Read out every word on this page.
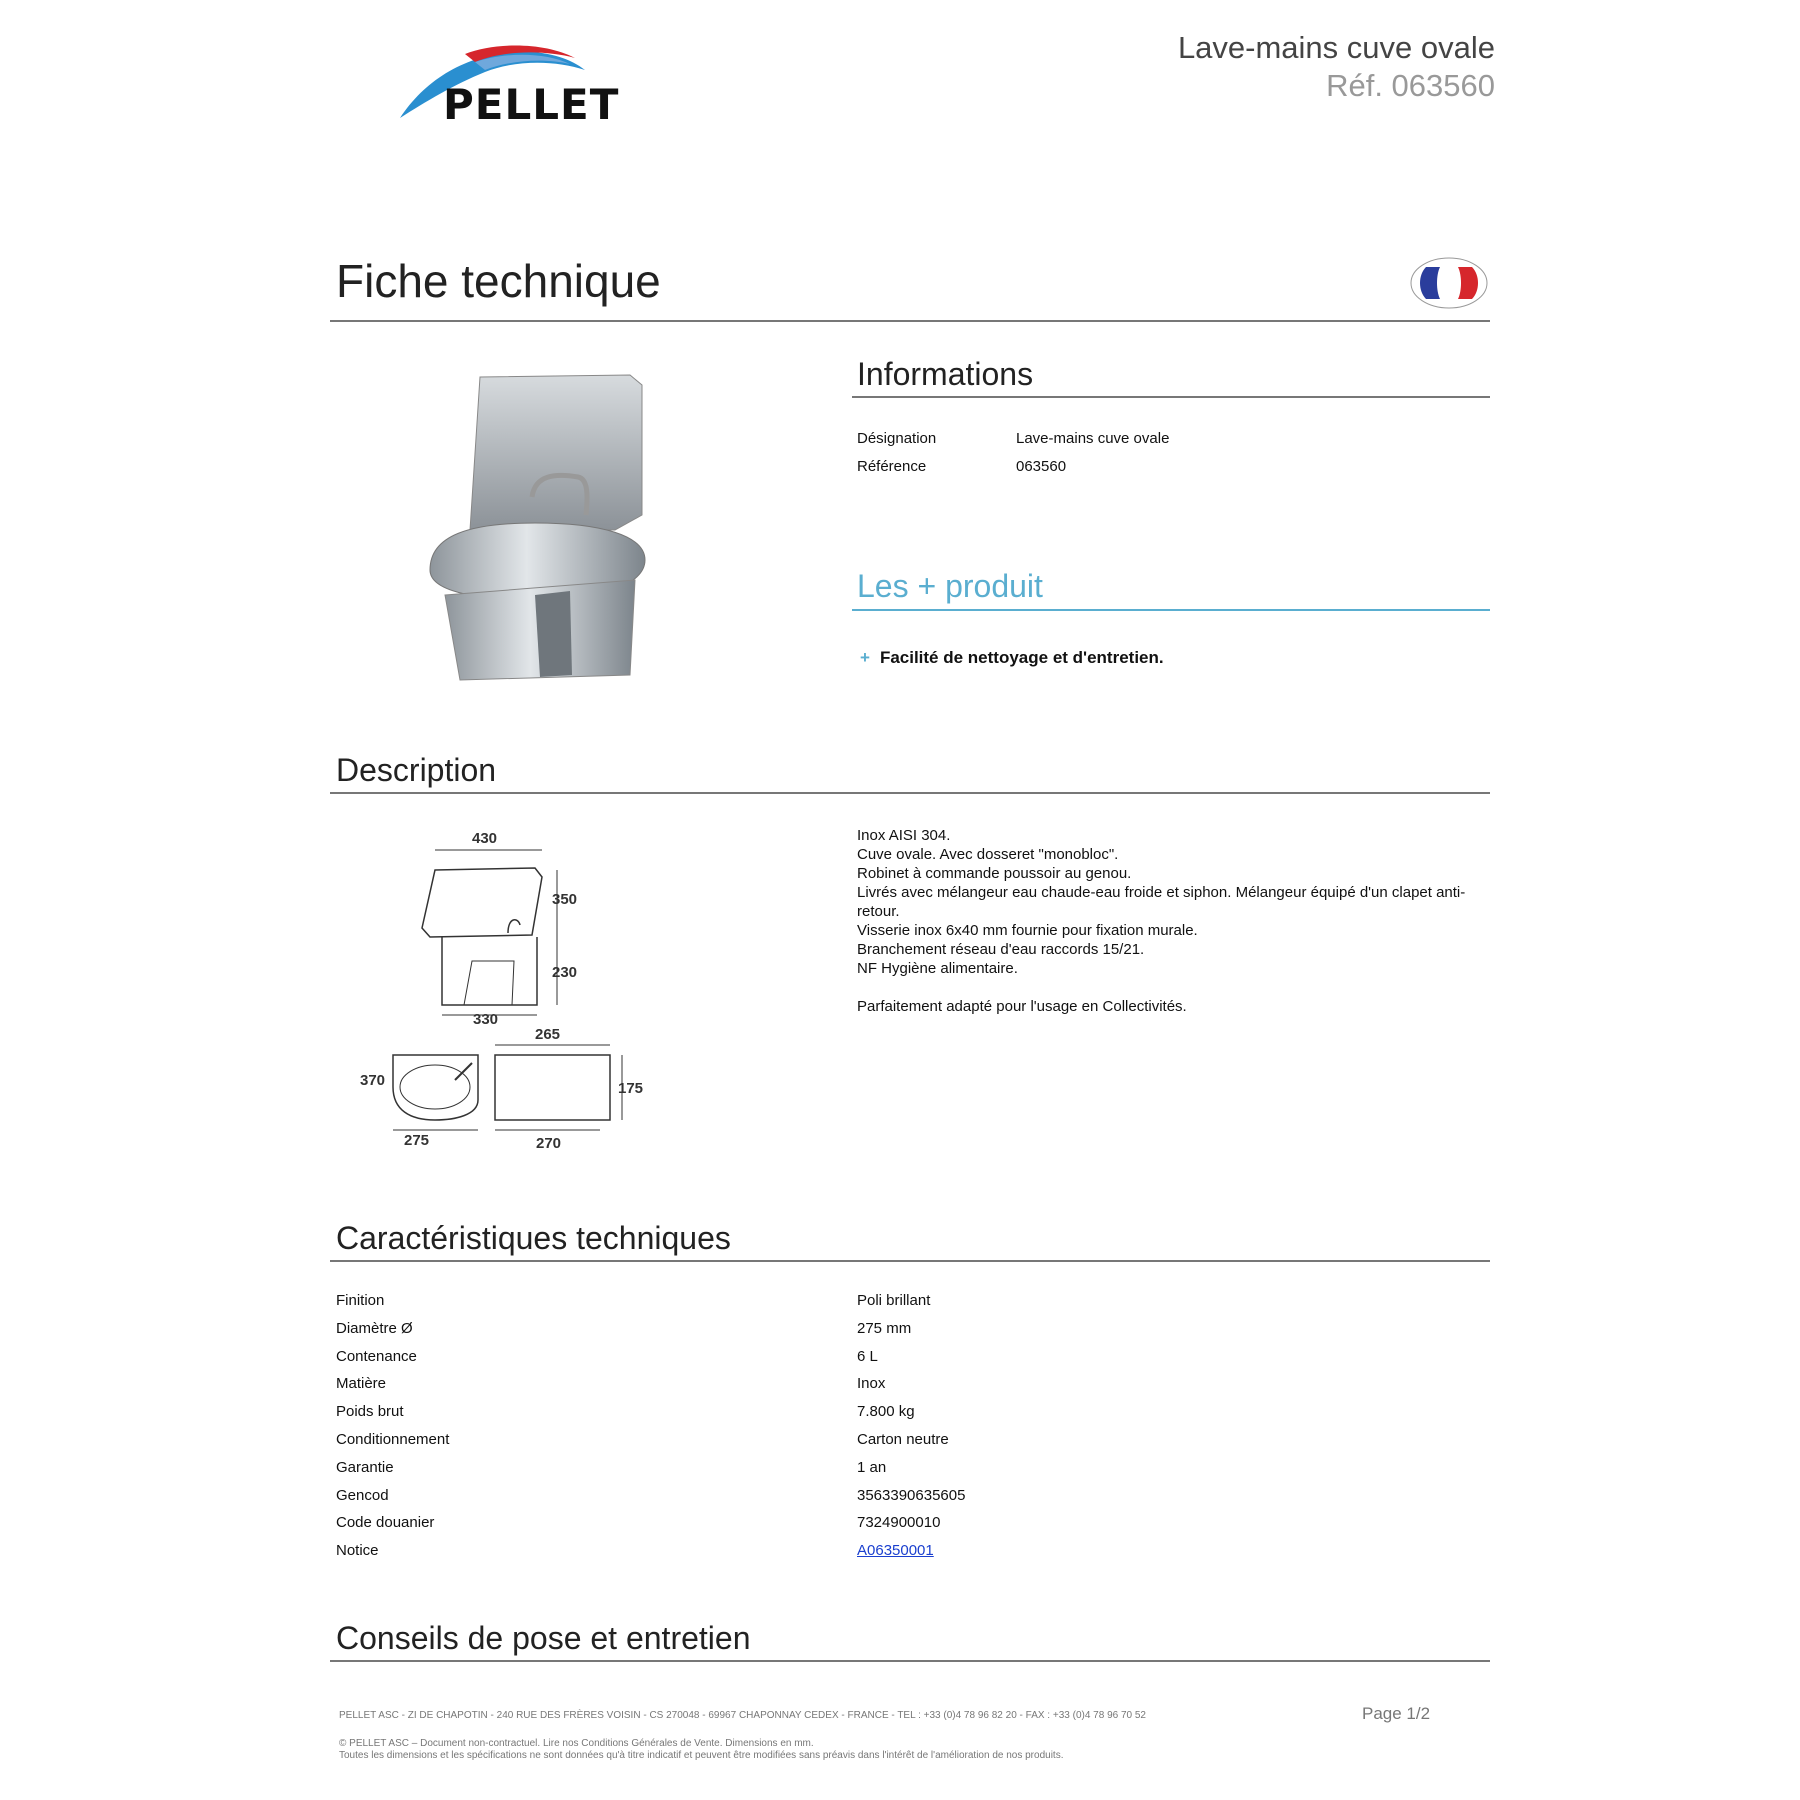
PELLET
Lave-mains cuve ovale
Réf. 063560
Fiche technique
Informations
Désignation	Lave-mains cuve ovale
Référence	063560
Les + produit
+ Facilité de nettoyage et d'entretien.
Description
430
350
230
330
265
175
270
370
275
Inox AISI 304.
Cuve ovale. Avec dosseret "monobloc".
Robinet à commande poussoir au genou.
Livrés avec mélangeur eau chaude-eau froide et siphon. Mélangeur équipé d'un clapet anti-retour.
Visserie inox 6x40 mm fournie pour fixation murale.
Branchement réseau d'eau raccords 15/21.
NF Hygiène alimentaire.
Parfaitement adapté pour l'usage en Collectivités.
Caractéristiques techniques
Finition	Poli brillant
Diamètre Ø	275 mm
Contenance	6 L
Matière	Inox
Poids brut	7.800 kg
Conditionnement	Carton neutre
Garantie	1 an
Gencod	3563390635605
Code douanier	7324900010
Notice	A06350001
Conseils de pose et entretien
PELLET ASC - ZI DE CHAPOTIN - 240 RUE DES FRÈRES VOISIN - CS 270048 - 69967 CHAPONNAY CEDEX - FRANCE - TEL : +33 (0)4 78 96 82 20 - FAX : +33 (0)4 78 96 70 52	Page 1/2
© PELLET ASC – Document non-contractuel. Lire nos Conditions Générales de Vente. Dimensions en mm.
Toutes les dimensions et les spécifications ne sont données qu'à titre indicatif et peuvent être modifiées sans préavis dans l'intérêt de l'amélioration de nos produits.
